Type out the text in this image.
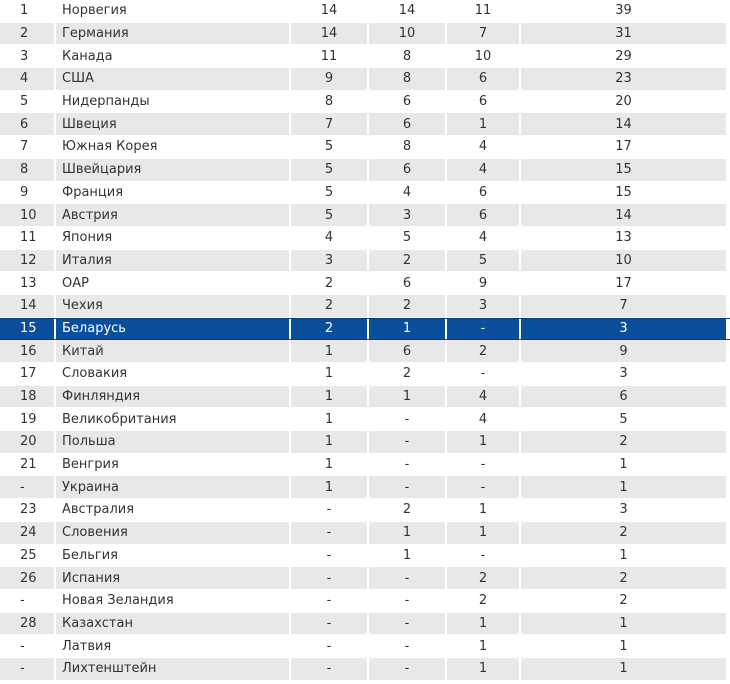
1	Норвегия	14	14	11	39
2	Германия	14	10	7	31
3	Канада	11	8	10	29
4	США	9	8	6	23
5	Нидерпанды	8	6	6	20
6	Швеция	7	6	1	14
7	Южная Корея	5	8	4	17
8	Швейцария	5	6	4	15
9	Франция	5	4	6	15
10	Австрия	5	3	6	14
11	Япония	4	5	4	13
12	Италия	3	2	5	10
13	ОАР	2	6	9	17
14	Чехия	2	2	3	7
15	Беларусь	2	1	-	3
16	Китай	1	6	2	9
17	Словакия	1	2	-	3
18	Финляндия	1	1	4	6
19	Великобритания	1	-	4	5
20	Польша	1	-	1	2
21	Венгрия	1	-	-	1
-	Украина	1	-	-	1
23	Австралия	-	2	1	3
24	Словения	-	1	1	2
25	Бельгия	-	1	-	1
26	Испания	-	-	2	2
-	Новая Зеландия	-	-	2	2
28	Казахстан	-	-	1	1
-	Латвия	-	-	1	1
-	Лихтенштейн	-	-	1	1
